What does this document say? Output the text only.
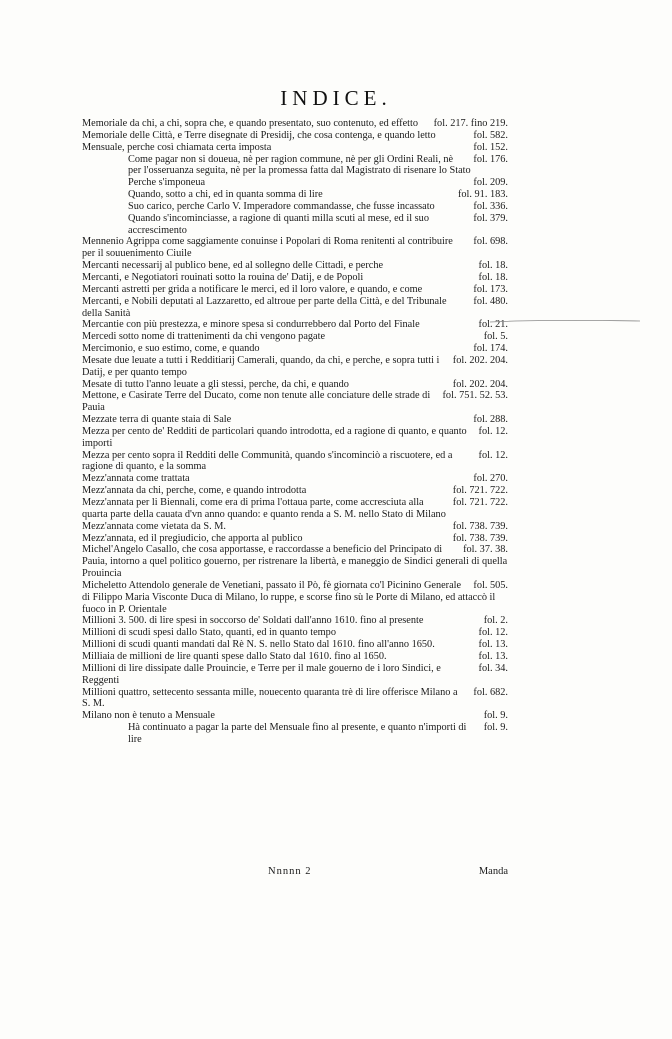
INDICE.
fol. 217. fino 219.
Memoriale da chi, a chi, sopra che, e quando presentato, suo contenuto, ed effetto
fol. 582.
Memoriale delle Città, e Terre disegnate di Presidij, che cosa contenga, e quando letto
fol. 152.
Mensuale, perche così chiamata certa imposta
fol. 176.
Come pagar non si doueua, nè per ragion commune, nè per gli Ordini Reali, nè per l'osseruanza seguita, nè per la promessa fatta dal Magistrato di risenare lo Stato
fol. 209.
Perche s'imponeua
fol. 91. 183.
Quando, sotto a chi, ed in quanta somma di lire
fol. 336.
Suo carico, perche Carlo V. Imperadore commandasse, che fusse incassato
fol. 379.
Quando s'incominciasse, a ragione di quanti milla scuti al mese, ed il suo accrescimento
fol. 698.
Mennenio Agrippa come saggiamente conuinse i Popolari di Roma renitenti al contribuire per il souuenimento Ciuile
fol. 18.
Mercanti necessarij al publico bene, ed al sollegno delle Cittadi, e perche
fol. 18.
Mercanti, e Negotiatori rouinati sotto la rouina de' Datij, e de Popoli
fol. 173.
Mercanti astretti per grida a notificare le merci, ed il loro valore, e quando, e come
fol. 480.
Mercanti, e Nobili deputati al Lazzaretto, ed altroue per parte della Città, e del Tribunale della Sanità
fol. 21.
Mercantie con più prestezza, e minore spesa si condurrebbero dal Porto del Finale
fol. 5.
Mercedi sotto nome di trattenimenti da chi vengono pagate
fol. 174.
Mercimonio, e suo estimo, come, e quando
fol. 202. 204.
Mesate due leuate a tutti i Redditiarij Camerali, quando, da chi, e perche, e sopra tutti i Datij, e per quanto tempo
fol. 202. 204.
Mesate di tutto l'anno leuate a gli stessi, perche, da chi, e quando
fol. 751. 52. 53.
Mettone, e Casirate Terre del Ducato, come non tenute alle conciature delle strade di Pauia
fol. 288.
Mezzate terra di quante staia di Sale
fol. 12.
Mezza per cento de' Redditi de particolari quando introdotta, ed a ragione di quanto, e quanto importi
fol. 12.
Mezza per cento sopra il Redditi delle Communità, quando s'incominciò a riscuotere, ed a ragione di quanto, e la somma
fol. 270.
Mezz'annata come trattata
fol. 721. 722.
Mezz'annata da chi, perche, come, e quando introdotta
fol. 721. 722.
Mezz'annata per li Biennali, come era di prima l'ottaua parte, come accresciuta alla quarta parte della cauata d'vn anno quando: e quanto renda a S. M. nello Stato di Milano
fol. 738. 739.
Mezz'annata come vietata da S. M.
fol. 738. 739.
Mezz'annata, ed il pregiudicio, che apporta al publico
fol. 37. 38.
Michel'Angelo Casallo, che cosa apportasse, e raccordasse a beneficio del Principato di Pauia, intorno a quel politico gouerno, per ristrenare la libertà, e maneggio de Sindici generali di quella Prouincia
fol. 505.
Micheletto Attendolo generale de Venetiani, passato il Pò, fè giornata co'l Picinino Generale di Filippo Maria Visconte Duca di Milano, lo ruppe, e scorse fino sù le Porte di Milano, ed attaccò il fuoco in P. Orientale
fol. 2.
Millioni 3. 500. di lire spesi in soccorso de' Soldati dall'anno 1610. fino al presente
fol. 12.
Millioni di scudi spesi dallo Stato, quanti, ed in quanto tempo
fol. 13.
Millioni di scudi quanti mandati dal Rè N. S. nello Stato dal 1610. fino all'anno 1650.
fol. 13.
Milliaia de millioni de lire quanti spese dallo Stato dal 1610. fino al 1650.
fol. 34.
Millioni di lire dissipate dalle Prouincie, e Terre per il male gouerno de i loro Sindici, e Reggenti
fol. 682.
Millioni quattro, settecento sessanta mille, nouecento quaranta trè di lire offerisce Milano a S. M.
fol. 9.
Milano non è tenuto a Mensuale
fol. 9.
Hà continuato a pagar la parte del Mensuale fino al presente, e quanto n'importi di lire
Nnnnn 2	Manda
